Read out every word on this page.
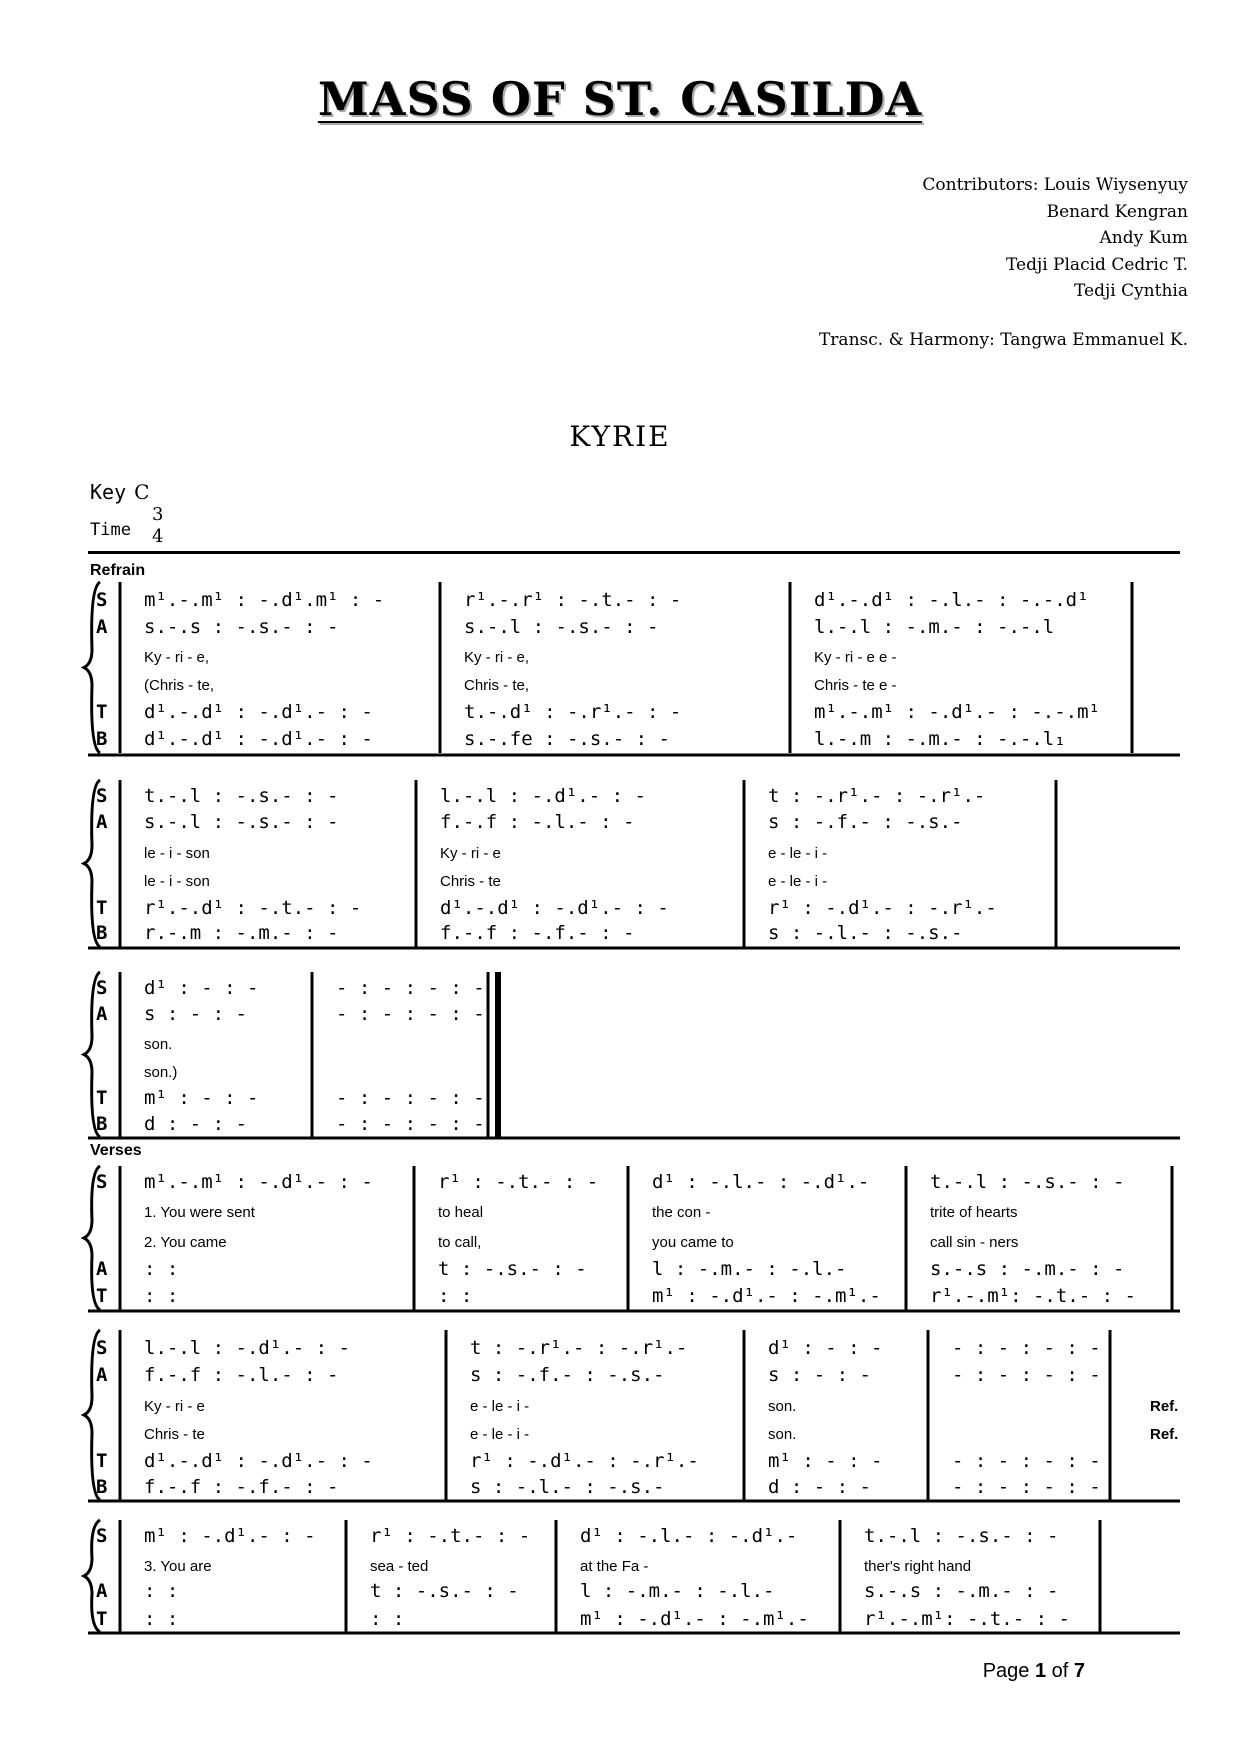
MASS OF ST. CASILDA
Contributors: Louis Wiysenyuy
Benard Kengran
Andy Kum
Tedji Placid Cedric T.
Tedji Cynthia
Transc. & Harmony: Tangwa Emmanuel K.
KYRIE
Key C
Time
3
4
Refrain
Verses
S m¹.-.m¹ : -.d¹.m¹ : -	r¹.-.r¹ : -.t.- : -	d¹.-.d¹ : -.l.- : -.-.d¹
A s.-.s : -.s.- : -	s.-.l : -.s.- : -	l.-.l : -.m.- : -.-.l
Ky - ri - e,	Ky - ri - e,	Ky - ri - e e -
(Chris - te,	Chris - te,	Chris - te e -
T d¹.-.d¹ : -.d¹.- : -	t.-.d¹ : -.r¹.- : -	m¹.-.m¹ : -.d¹.- : -.-.m¹
B d¹.-.d¹ : -.d¹.- : -	s.-.fe : -.s.- : -	l.-.m : -.m.- : -.-.l₁
S t.-.l : -.s.- : -	l.-.l : -.d¹.- : -	t : -.r¹.- : -.r¹.-
A s.-.l : -.s.- : -	f.-.f : -.l.- : -	s : -.f.- : -.s.-
le - i - son	Ky - ri - e	e - le - i -
le - i - son	Chris - te	e - le - i -
T r¹.-.d¹ : -.t.- : -	d¹.-.d¹ : -.d¹.- : -	r¹ : -.d¹.- : -.r¹.-
B r.-.m : -.m.- : -	f.-.f : -.f.- : -	s : -.l.- : -.s.-
S d¹ : - : -	- : - : - : -
A s : - : -	- : - : - : -
son.
son.)
T m¹ : - : -	- : - : - : -
B d : - : -	- : - : - : -
S m¹.-.m¹ : -.d¹.- : -	r¹ : -.t.- : -	d¹ : -.l.- : -.d¹.-	t.-.l : -.s.- : -
1. You were sent	to heal	the con -	trite of hearts
2. You came	to call,	you came to	call sin - ners
A : :	t : -.s.- : -	l : -.m.- : -.l.-	s.-.s : -.m.- : -
T : :	: :	m¹ : -.d¹.- : -.m¹.-	r¹.-.m¹: -.t.- : -
S l.-.l : -.d¹.- : -	t : -.r¹.- : -.r¹.-	d¹ : - : -	- : - : - : -
A f.-.f : -.l.- : -	s : -.f.- : -.s.-	s : - : -	- : - : - : -
Ky - ri - e	e - le - i -	son.
Chris - te	e - le - i -	son.
T d¹.-.d¹ : -.d¹.- : -	r¹ : -.d¹.- : -.r¹.-	m¹ : - : -	- : - : - : -
B f.-.f : -.f.- : -	s : -.l.- : -.s.-	d : - : -	- : - : - : -
Ref.
Ref.
S m¹ : -.d¹.- : -	r¹ : -.t.- : -	d¹ : -.l.- : -.d¹.-	t.-.l : -.s.- : -
3. You are	sea - ted	at the Fa -	ther's right hand
A : :	t : -.s.- : -	l : -.m.- : -.l.-	s.-.s : -.m.- : -
T : :	: :	m¹ : -.d¹.- : -.m¹.-	r¹.-.m¹: -.t.- : -
Page 1 of 7
